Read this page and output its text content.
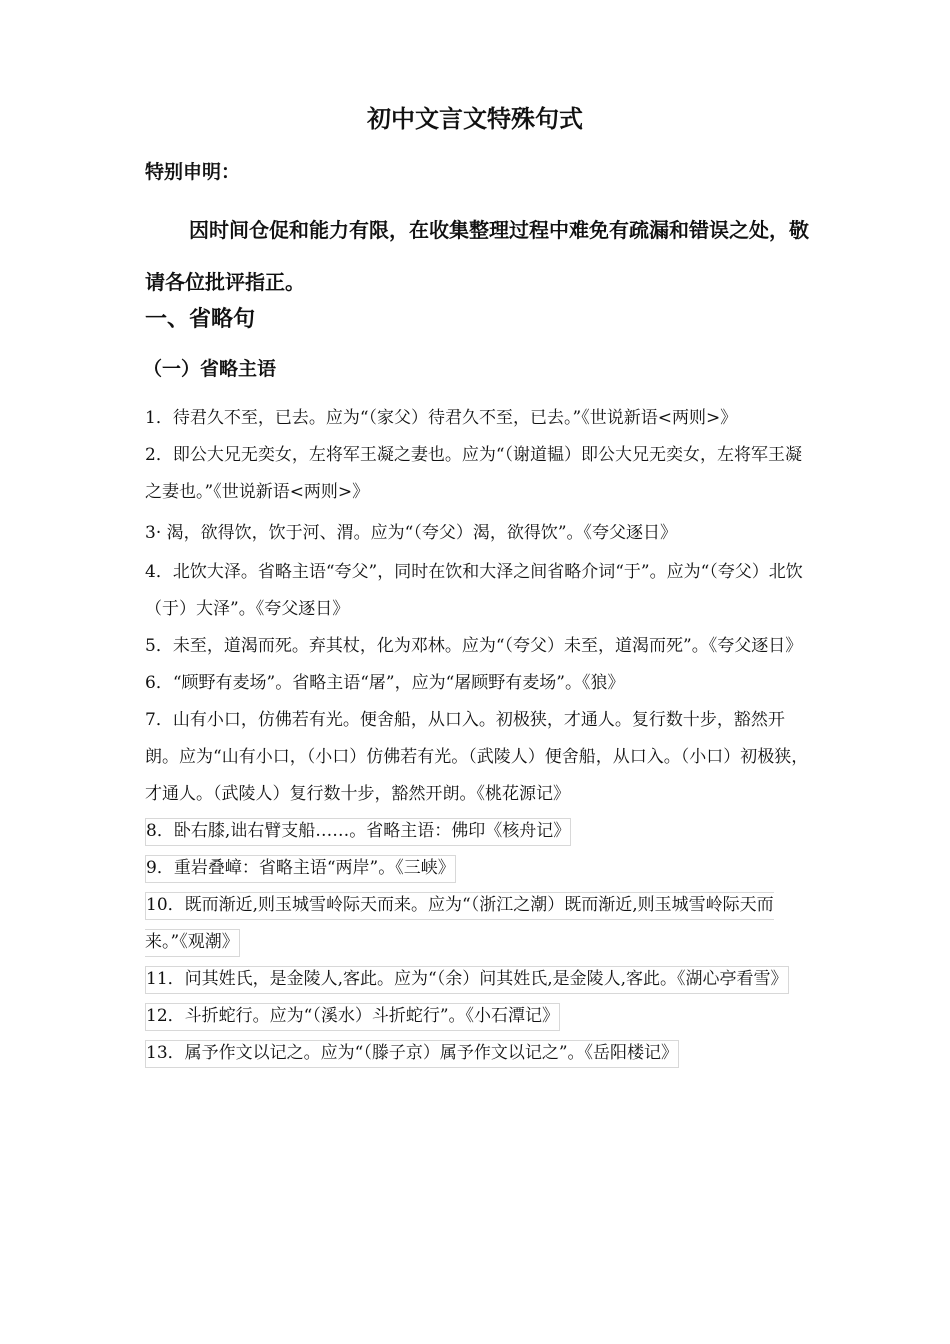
初中文言文特殊句式
特别申明：
因时间仓促和能力有限，在收集整理过程中难免有疏漏和错误之处，敬请各位批评指正。
一、省略句
（一）省略主语

1．待君久不至，已去。应为“（家父）待君久不至，已去。”《世说新语<两则>》

2．即公大兄无奕女，左将军王凝之妻也。应为“（谢道韫）即公大兄无奕女，左将军王凝之妻也。”《世说新语<两则>》

3· 渴，欲得饮，饮于河、渭。应为“（夸父）渴，欲得饮”。《夸父逐日》

4．北饮大泽。省略主语“夸父”，同时在饮和大泽之间省略介词“于”。应为“（夸父）北饮（于）大泽”。《夸父逐日》

5．未至，道渴而死。弃其杖，化为邓林。应为“（夸父）未至，道渴而死”。《夸父逐日》

6．“顾野有麦场”。省略主语“屠”，应为“屠顾野有麦场”。《狼》

7．山有小口，仿佛若有光。便舍船，从口入。初极狭，才通人。复行数十步，豁然开朗。应为“山有小口，（小口）仿佛若有光。（武陵人）便舍船，从口入。（小口）初极狭，才通人。（武陵人）复行数十步，豁然开朗。《桃花源记》

8．卧右膝,诎右臂支船……。省略主语：佛印《核舟记》
9．重岩叠嶂：省略主语“两岸”。《三峡》
10．既而渐近,则玉城雪岭际天而来。应为“（浙江之潮）既而渐近,则玉城雪岭际天而来。”《观潮》
11．问其姓氏，是金陵人,客此。应为“（余）问其姓氏,是金陵人,客此。《湖心亭看雪》
12．斗折蛇行。应为“（溪水）斗折蛇行”。《小石潭记》
13．属予作文以记之。应为“（滕子京）属予作文以记之”。《岳阳楼记》
